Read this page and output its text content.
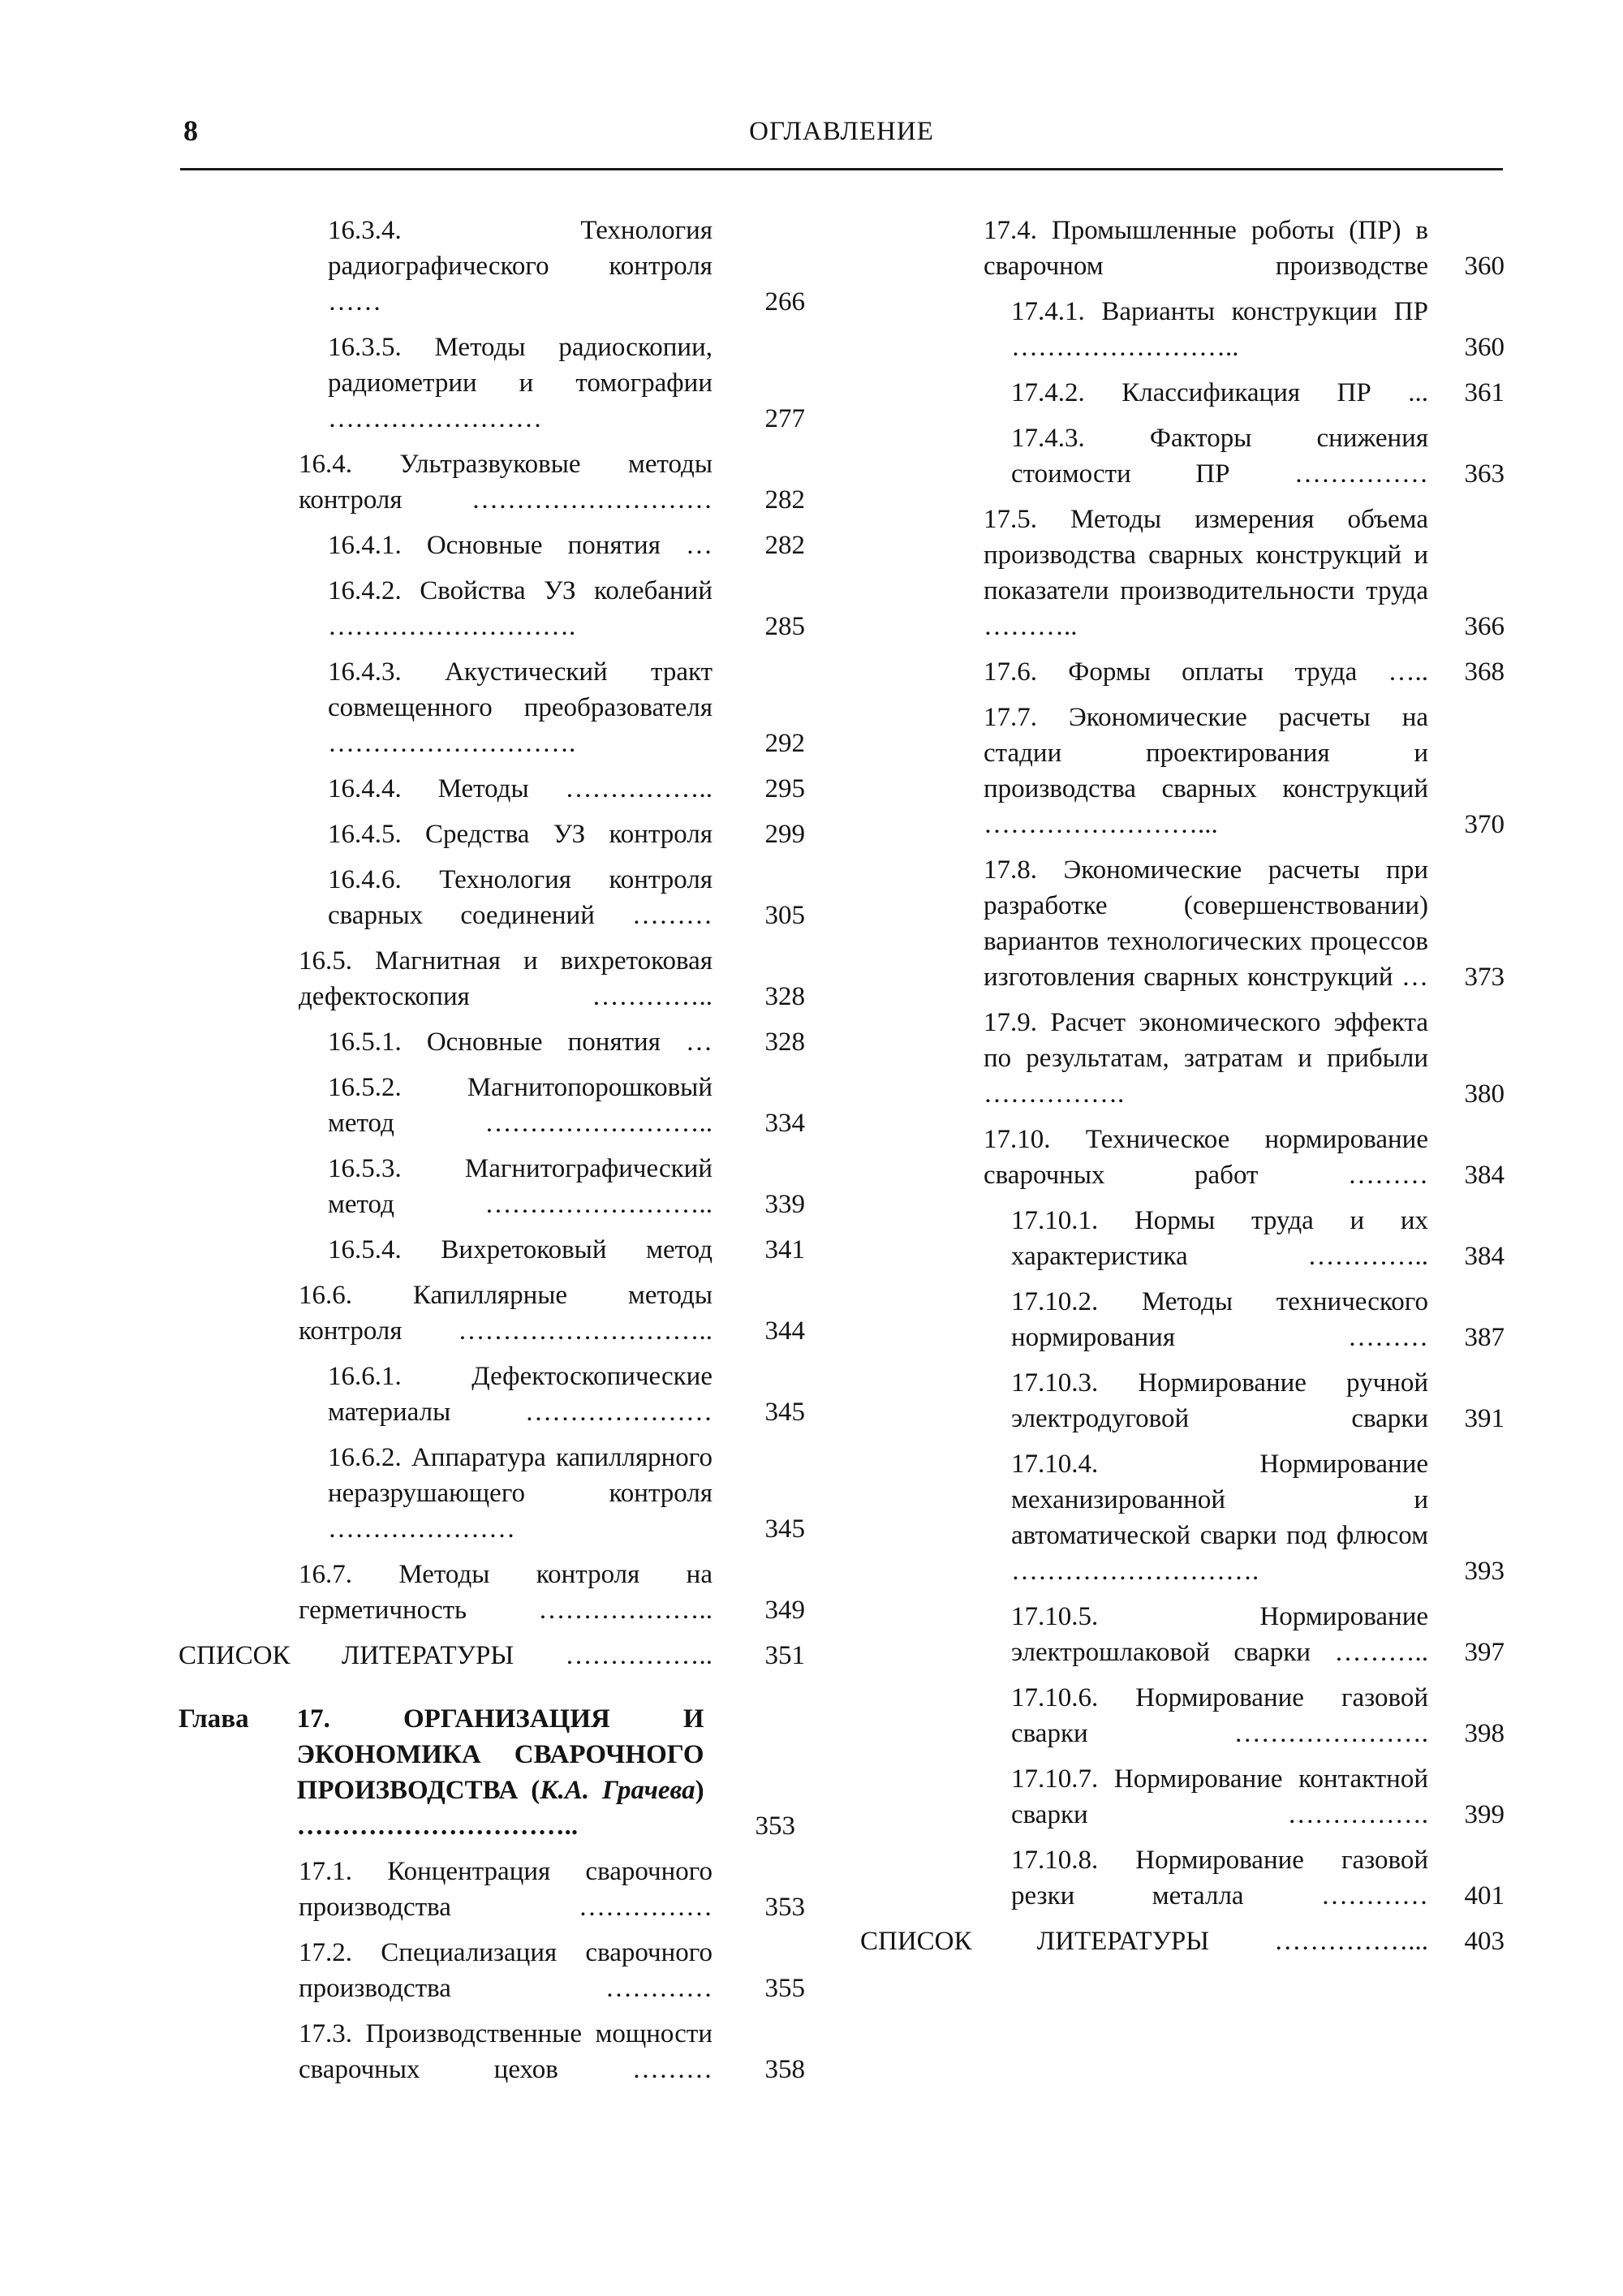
8	ОГЛАВЛЕНИЕ
16.3.4. Технология радиографического контроля ……	266
16.3.5. Методы радиоскопии, радиометрии и томографии ……………………	277
16.4. Ультразвуковые методы контроля ………………………	282
16.4.1. Основные понятия …	282
16.4.2. Свойства УЗ колебаний ……………………….	285
16.4.3. Акустический тракт совмещенного преобразователя ……………………….	292
16.4.4. Методы ……………..	295
16.4.5. Средства УЗ контроля	299
16.4.6. Технология контроля сварных соединений ………	305
16.5. Магнитная и вихретоковая дефектоскопия …………..	328
16.5.1. Основные понятия …	328
16.5.2. Магнитопорошковый метод ……………………..	334
16.5.3. Магнитографический метод ……………………..	339
16.5.4. Вихретоковый метод	341
16.6. Капиллярные методы контроля ………………………..	344
16.6.1. Дефектоскопические материалы …………………	345
16.6.2. Аппаратура капиллярного неразрушающего контроля …………………	345
16.7. Методы контроля на герметичность ………………..	349
СПИСОК ЛИТЕРАТУРЫ ……………..	351
Глава	17. ОРГАНИЗАЦИЯ И ЭКОНОМИКА СВАРОЧНОГО ПРОИЗВОДСТВА (К.А. Грачева) …………………………..	353
17.1. Концентрация сварочного производства ……………	353
17.2. Специализация сварочного производства …………	355
17.3. Производственные мощности сварочных цехов ………	358
17.4. Промышленные роботы (ПР) в сварочном производстве	360
17.4.1. Варианты конструкции ПР ……………………..	360
17.4.2. Классификация ПР ...	361
17.4.3. Факторы снижения стоимости ПР ……………	363
17.5. Методы измерения объема производства сварных конструкций и показатели производительности труда ………..	366
17.6. Формы оплаты труда …..	368
17.7. Экономические расчеты на стадии проектирования и производства сварных конструкций ……………………...	370
17.8. Экономические расчеты при разработке (совершенствовании) вариантов технологических процессов изготовления сварных конструкций …	373
17.9. Расчет экономического эффекта по результатам, затратам и прибыли …………….	380
17.10. Техническое нормирование сварочных работ ………	384
17.10.1. Нормы труда и их характеристика …………..	384
17.10.2. Методы технического нормирования ………	387
17.10.3. Нормирование ручной электродуговой сварки	391
17.10.4. Нормирование механизированной и автоматической сварки под флюсом ……………………….	393
17.10.5. Нормирование электрошлаковой сварки ………..	397
17.10.6. Нормирование газовой сварки ………………….	398
17.10.7. Нормирование контактной сварки …………….	399
17.10.8. Нормирование газовой резки металла …………	401
СПИСОК ЛИТЕРАТУРЫ ……………...	403
